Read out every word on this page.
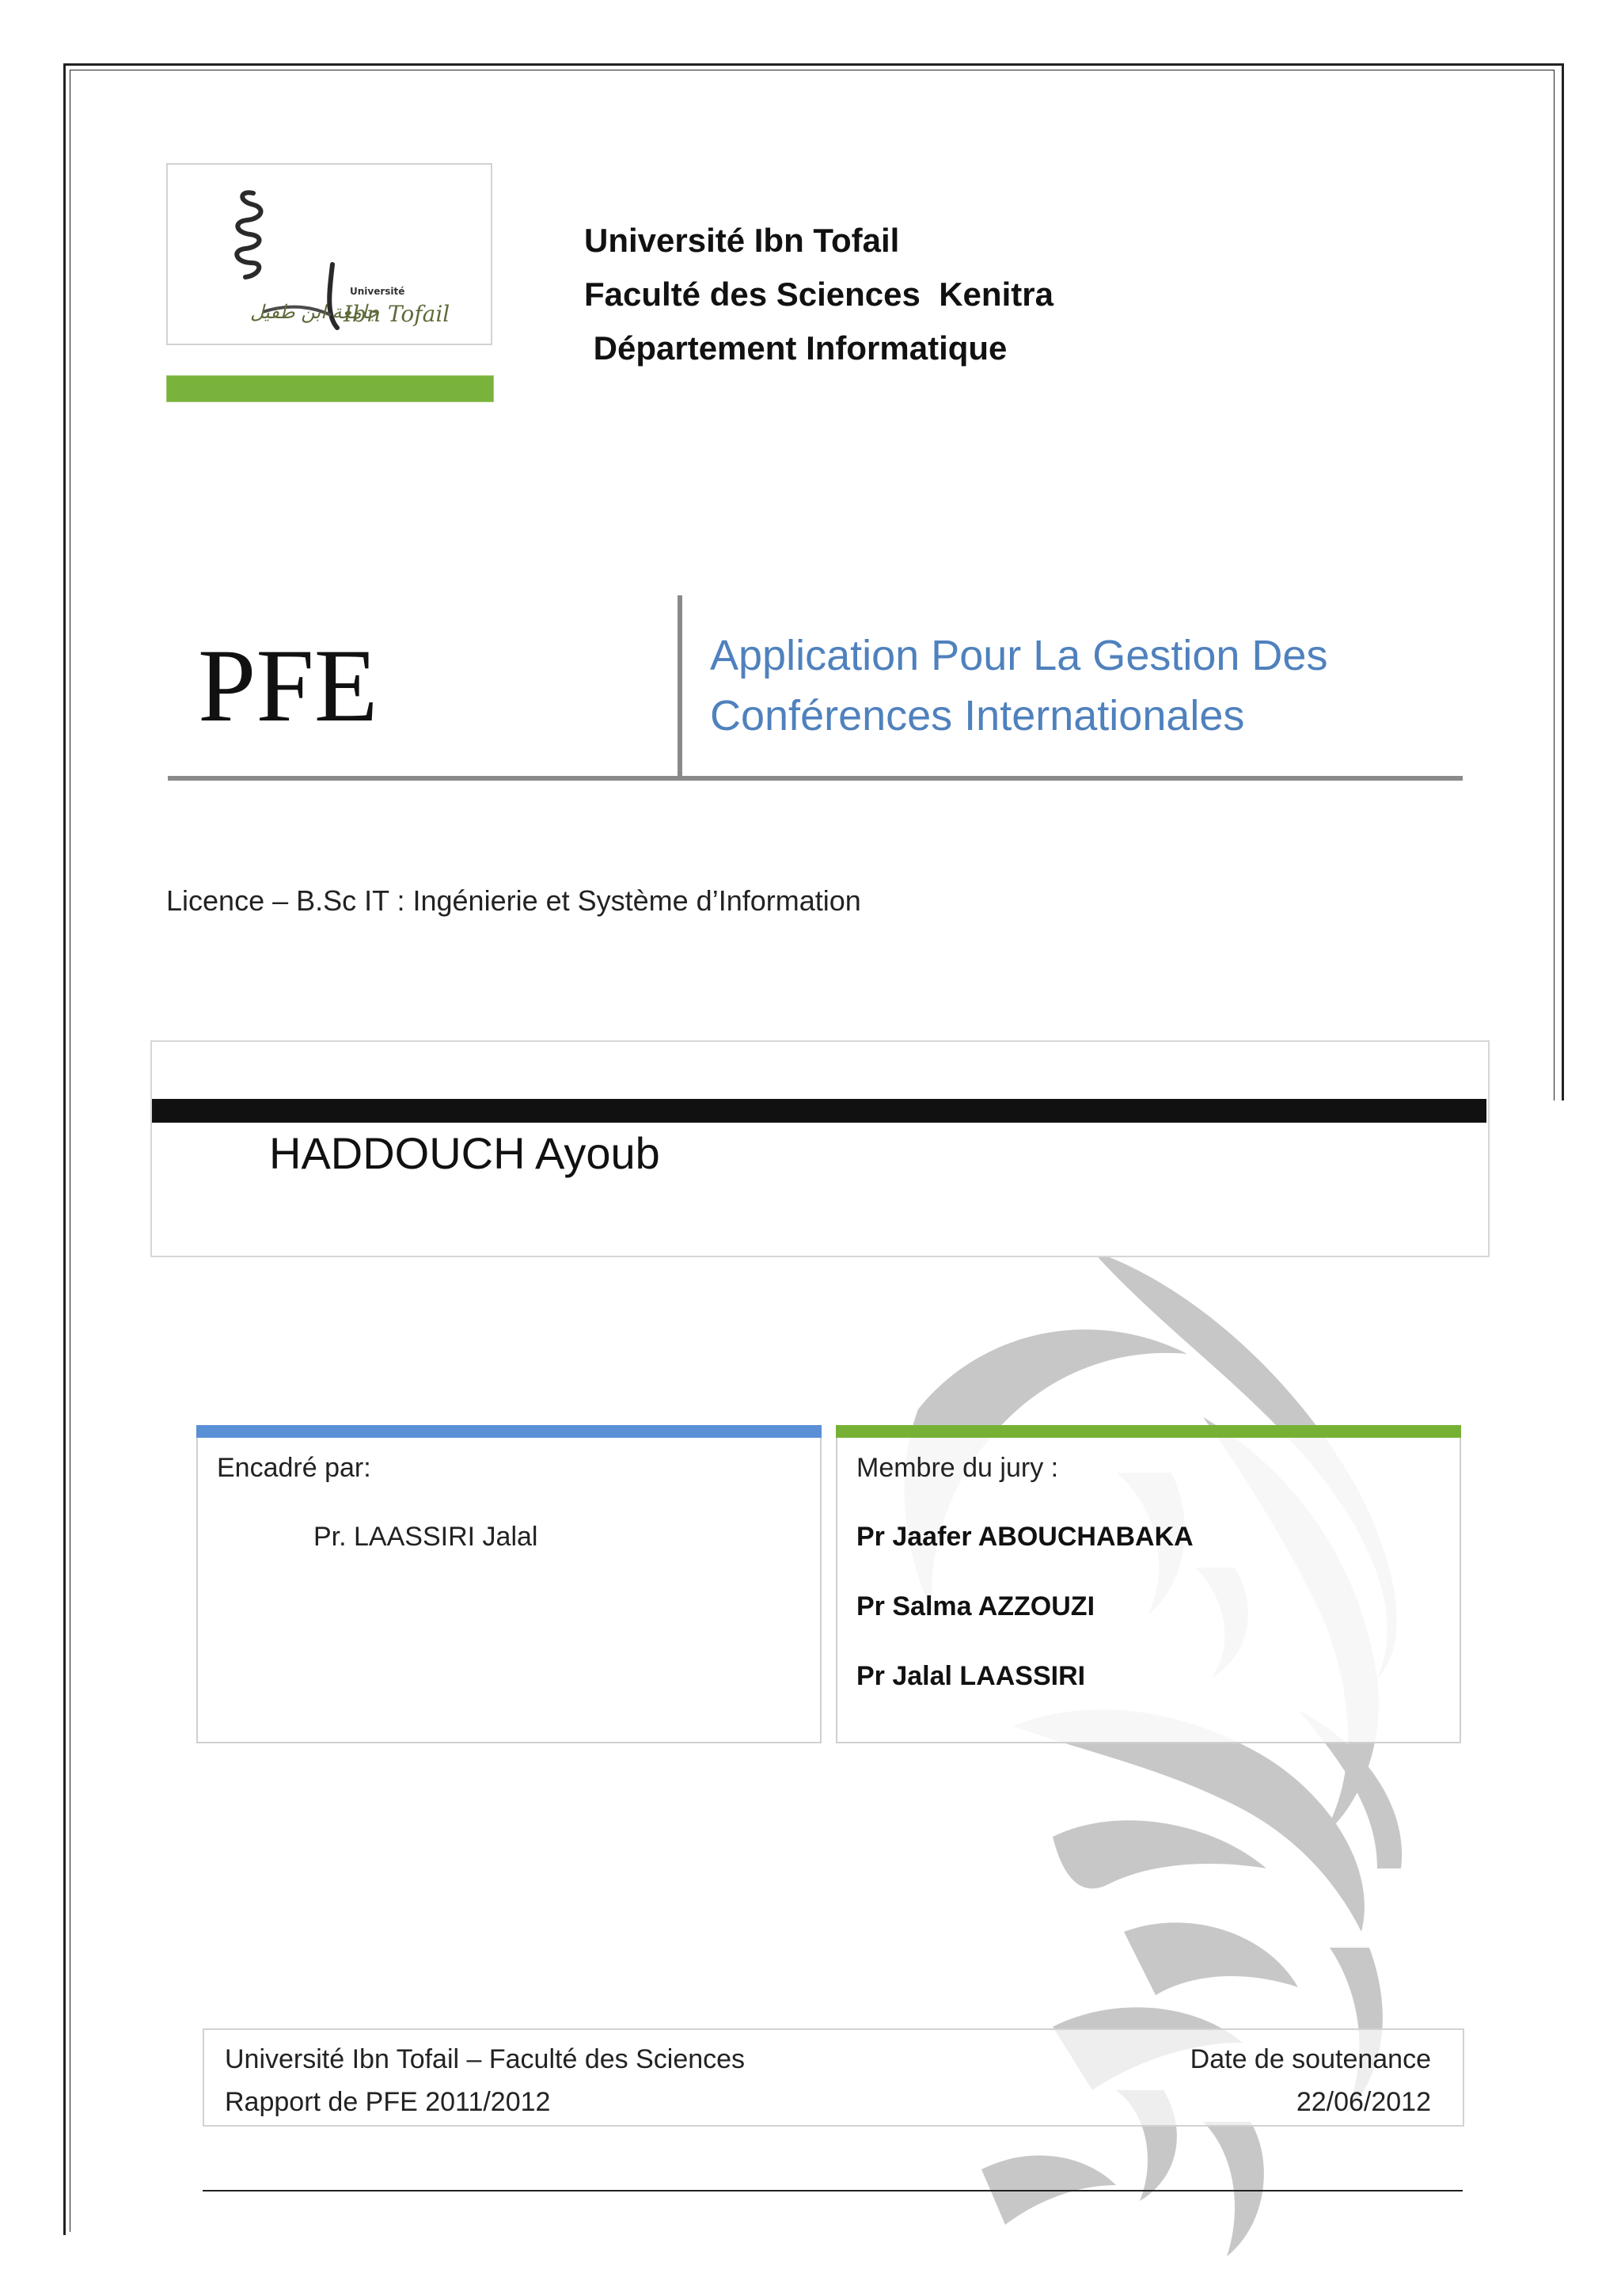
جامعة ابن طفيل
Université
Ibn Tofail
Université Ibn Tofail
Faculté des Sciences  Kenitra
Département Informatique
PFE	Application Pour La Gestion Des
Conférences Internationales
Licence – B.Sc IT : Ingénierie et Système d’Information
HADDOUCH Ayoub
Encadré par:
Pr. LAASSIRI Jalal
Membre du jury :
Pr Jaafer ABOUCHABAKA
Pr Salma AZZOUZI
Pr Jalal LAASSIRI
Université Ibn Tofail – Faculté des Sciences
Rapport de PFE 2011/2012
Date de soutenance
22/06/2012
